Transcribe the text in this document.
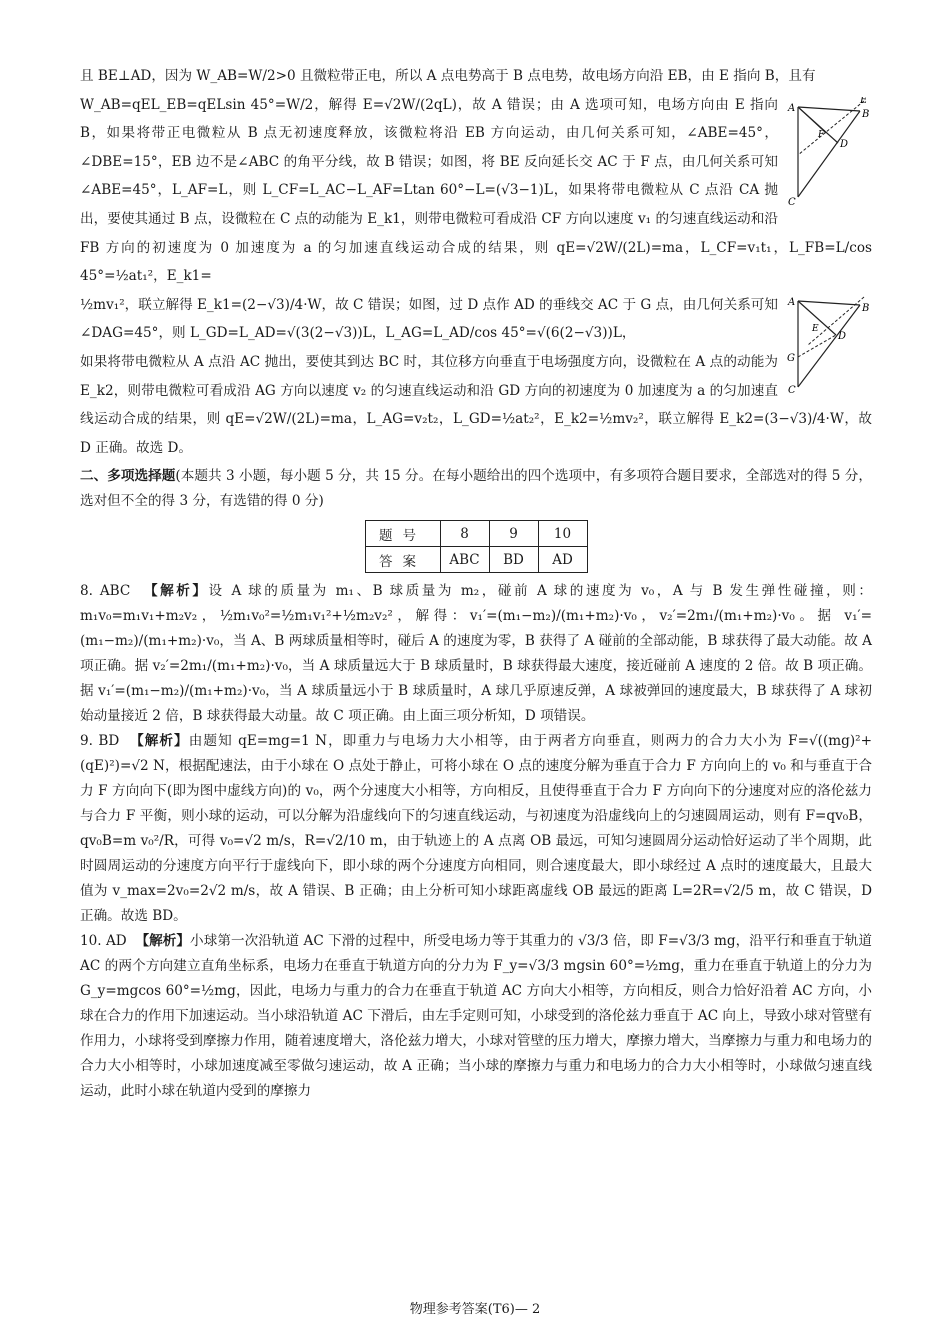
且 BE⊥AD，因为 W_AB=W/2>0 且微粒带正电，所以 A 点电势高于 B 点电势，故电场方向沿 EB，由 E 指向 B，且有

A
B
C
D
E
F

W_AB=qEL_EB=qELsin 45°=W/2，解得 E=√2W/(2qL)，故 A 错误；由 A 选项可知，电场方向由 E 指向 B，如果将带正电微粒从 B 点无初速度释放，该微粒将沿 EB 方向运动，由几何关系可知，∠ABE=45°，∠DBE=15°，EB 边不是∠ABC 的角平分线，故 B 错误；如图，将 BE 反向延长交 AC 于 F 点，由几何关系可知∠ABE=45°，L_AF=L，则 L_CF=L_AC−L_AF=Ltan 60°−L=(√3−1)L，如果将带电微粒从 C 点沿 CA 抛出，要使其通过 B 点，设微粒在 C 点的动能为 E_k1，则带电微粒可看成沿 CF 方向以速度 v₁ 的匀速直线运动和沿 FB 方向的初速度为 0 加速度为 a 的匀加速直线运动合成的结果，则 qE=√2W/(2L)=ma，L_CF=v₁t₁，L_FB=L/cos 45°=½at₁²，E_k1=

A
B
C
D
E
G

½mv₁²，联立解得 E_k1=(2−√3)/4·W，故 C 错误；如图，过 D 点作 AD 的垂线交 AC 于 G 点，由几何关系可知∠DAG=45°，则 L_GD=L_AD=√(3(2−√3))L，L_AG=L_AD/cos 45°=√(6(2−√3))L，

如果将带电微粒从 A 点沿 AC 抛出，要使其到达 BC 时，其位移方向垂直于电场强度方向，设微粒在 A 点的动能为 E_k2，则带电微粒可看成沿 AG 方向以速度 v₂ 的匀速直线运动和沿 GD 方向的初速度为 0 加速度为 a 的匀加速直线运动合成的结果，则 qE=√2W/(2L)=ma，L_AG=v₂t₂，L_GD=½at₂²，E_k2=½mv₂²，联立解得 E_k2=(3−√3)/4·W，故 D 正确。故选 D。

二、多项选择题(本题共 3 小题，每小题 5 分，共 15 分。在每小题给出的四个选项中，有多项符合题目要求，全部选对的得 5 分，选对但不全的得 3 分，有选错的得 0 分)

题号	8	9	10
答案	ABC	BD	AD

8. ABC 【解析】设 A 球的质量为 m₁、B 球质量为 m₂，碰前 A 球的速度为 v₀，A 与 B 发生弹性碰撞，则：m₁v₀=m₁v₁+m₂v₂，½m₁v₀²=½m₁v₁²+½m₂v₂²，解得：v₁′=(m₁−m₂)/(m₁+m₂)·v₀，v₂′=2m₁/(m₁+m₂)·v₀。据 v₁′=(m₁−m₂)/(m₁+m₂)·v₀，当 A、B 两球质量相等时，碰后 A 的速度为零，B 获得了 A 碰前的全部动能，B 球获得了最大动能。故 A 项正确。据 v₂′=2m₁/(m₁+m₂)·v₀，当 A 球质量远大于 B 球质量时，B 球获得最大速度，接近碰前 A 速度的 2 倍。故 B 项正确。据 v₁′=(m₁−m₂)/(m₁+m₂)·v₀，当 A 球质量远小于 B 球质量时，A 球几乎原速反弹，A 球被弹回的速度最大，B 球获得了 A 球初始动量接近 2 倍，B 球获得最大动量。故 C 项正确。由上面三项分析知，D 项错误。

9. BD 【解析】由题知 qE=mg=1 N，即重力与电场力大小相等，由于两者方向垂直，则两力的合力大小为 F=√((mg)²+(qE)²)=√2 N，根据配速法，由于小球在 O 点处于静止，可将小球在 O 点的速度分解为垂直于合力 F 方向向上的 v₀ 和与垂直于合力 F 方向向下(即为图中虚线方向)的 v₀，两个分速度大小相等，方向相反，且使得垂直于合力 F 方向向下的分速度对应的洛伦兹力与合力 F 平衡，则小球的运动，可以分解为沿虚线向下的匀速直线运动，与初速度为沿虚线向上的匀速圆周运动，则有 F=qv₀B，qv₀B=m v₀²/R，可得 v₀=√2 m/s，R=√2/10 m，由于轨迹上的 A 点离 OB 最远，可知匀速圆周分运动恰好运动了半个周期，此时圆周运动的分速度方向平行于虚线向下，即小球的两个分速度方向相同，则合速度最大，即小球经过 A 点时的速度最大，且最大值为 v_max=2v₀=2√2 m/s，故 A 错误、B 正确；由上分析可知小球距离虚线 OB 最远的距离 L=2R=√2/5 m，故 C 错误，D 正确。故选 BD。

10. AD 【解析】小球第一次沿轨道 AC 下滑的过程中，所受电场力等于其重力的 √3/3 倍，即 F=√3/3 mg，沿平行和垂直于轨道 AC 的两个方向建立直角坐标系，电场力在垂直于轨道方向的分力为 F_y=√3/3 mgsin 60°=½mg，重力在垂直于轨道上的分力为 G_y=mgcos 60°=½mg，因此，电场力与重力的合力在垂直于轨道 AC 方向大小相等，方向相反，则合力恰好沿着 AC 方向，小球在合力的作用下加速运动。当小球沿轨道 AC 下滑后，由左手定则可知，小球受到的洛伦兹力垂直于 AC 向上，导致小球对管壁有作用力，小球将受到摩擦力作用，随着速度增大，洛伦兹力增大，小球对管壁的压力增大，摩擦力增大，当摩擦力与重力和电场力的合力大小相等时，小球加速度减至零做匀速运动，故 A 正确；当小球的摩擦力与重力和电场力的合力大小相等时，小球做匀速直线运动，此时小球在轨道内受到的摩擦力

物理参考答案(T6)— 2
